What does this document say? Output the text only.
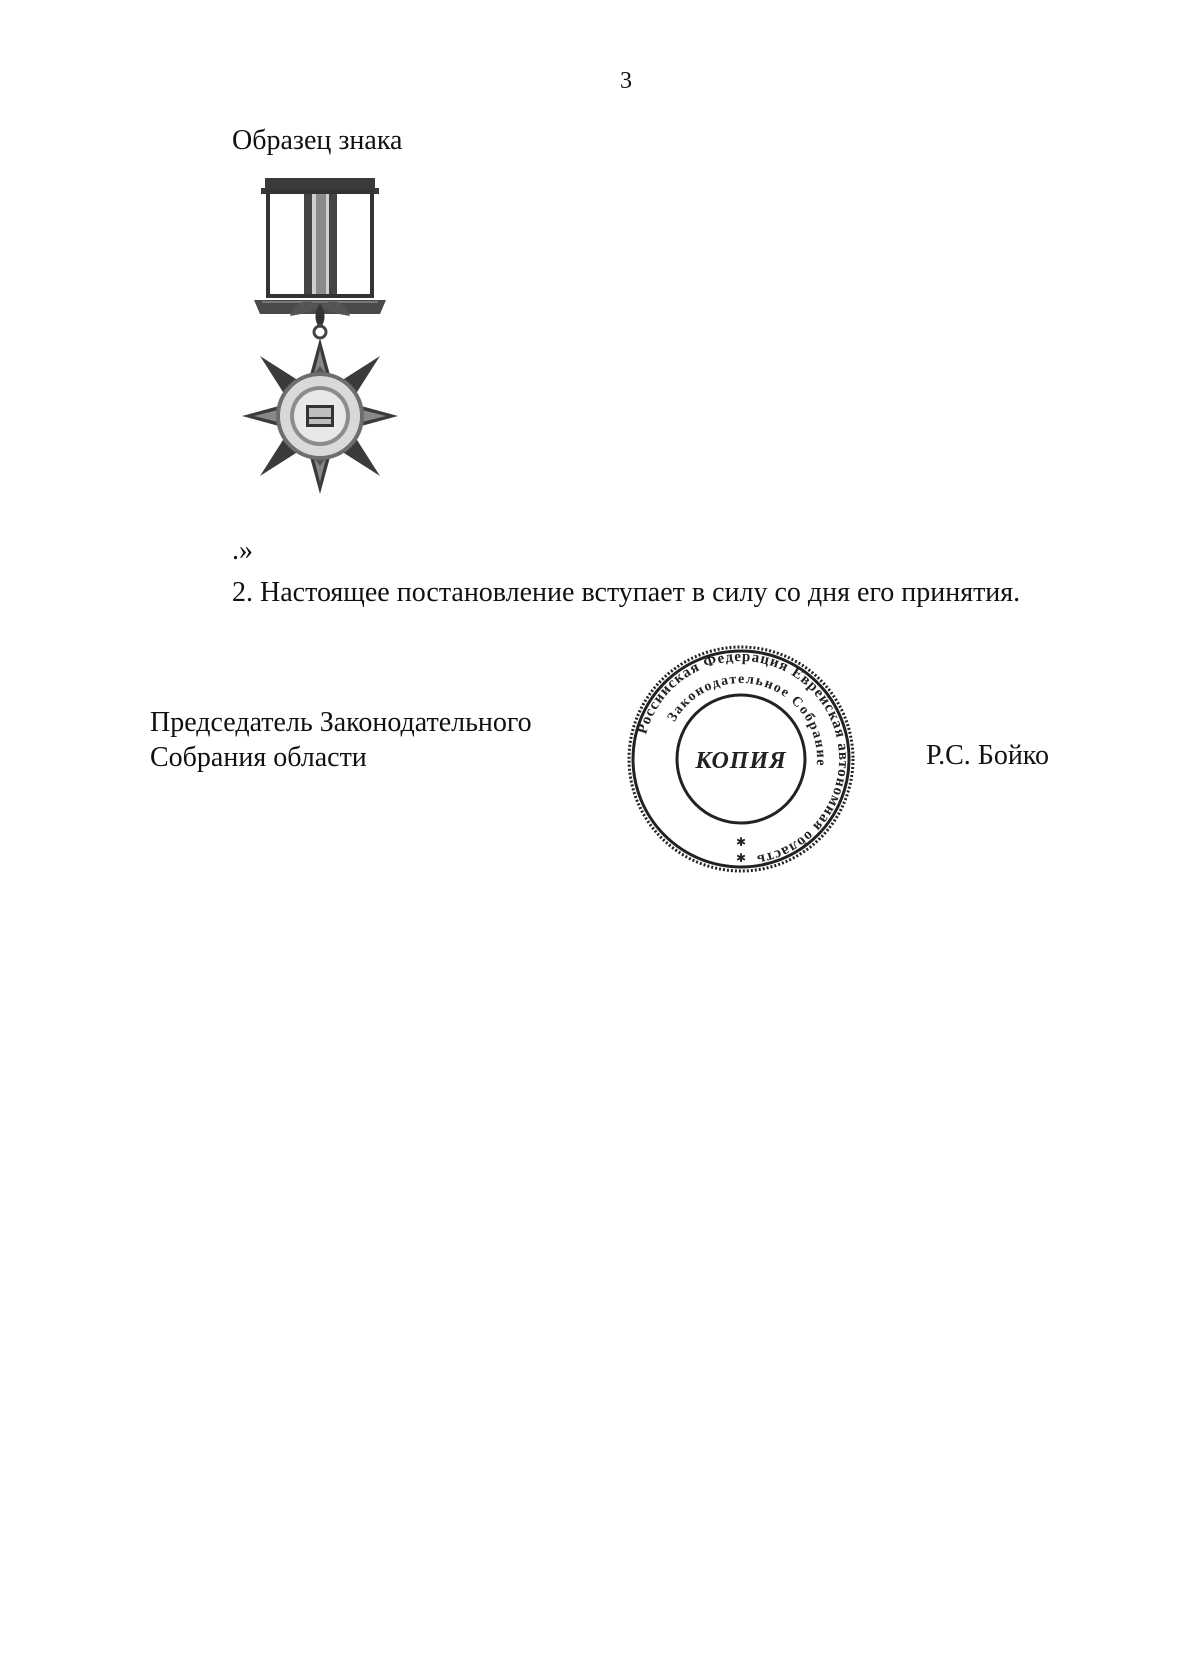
3
Образец знака
.»
2. Настоящее постановление вступает в силу со дня его принятия.
Председатель Законодательного
Собрания области
Российская Федерация Еврейская автономная область
Законодательное Собрание
КОПИЯ
✱
✱
Р.С. Бойко
